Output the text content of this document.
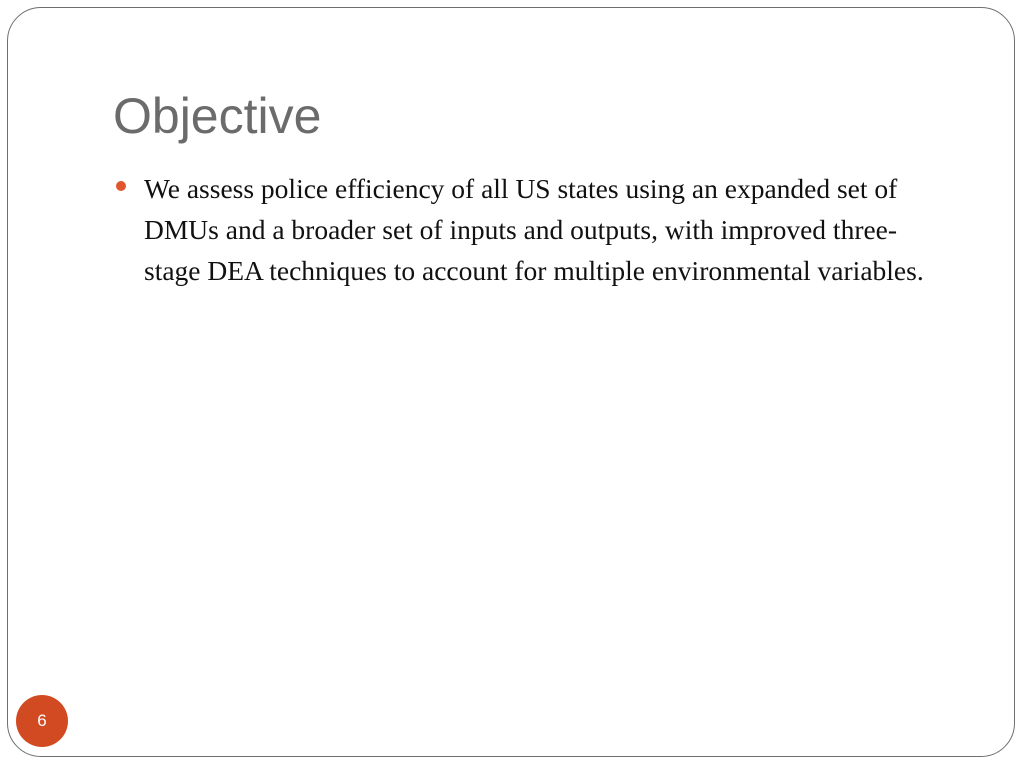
Objective
We assess police efficiency of all US states using an expanded set of DMUs and a broader set of inputs and outputs, with improved three-stage DEA techniques to account for multiple environmental variables.
6
